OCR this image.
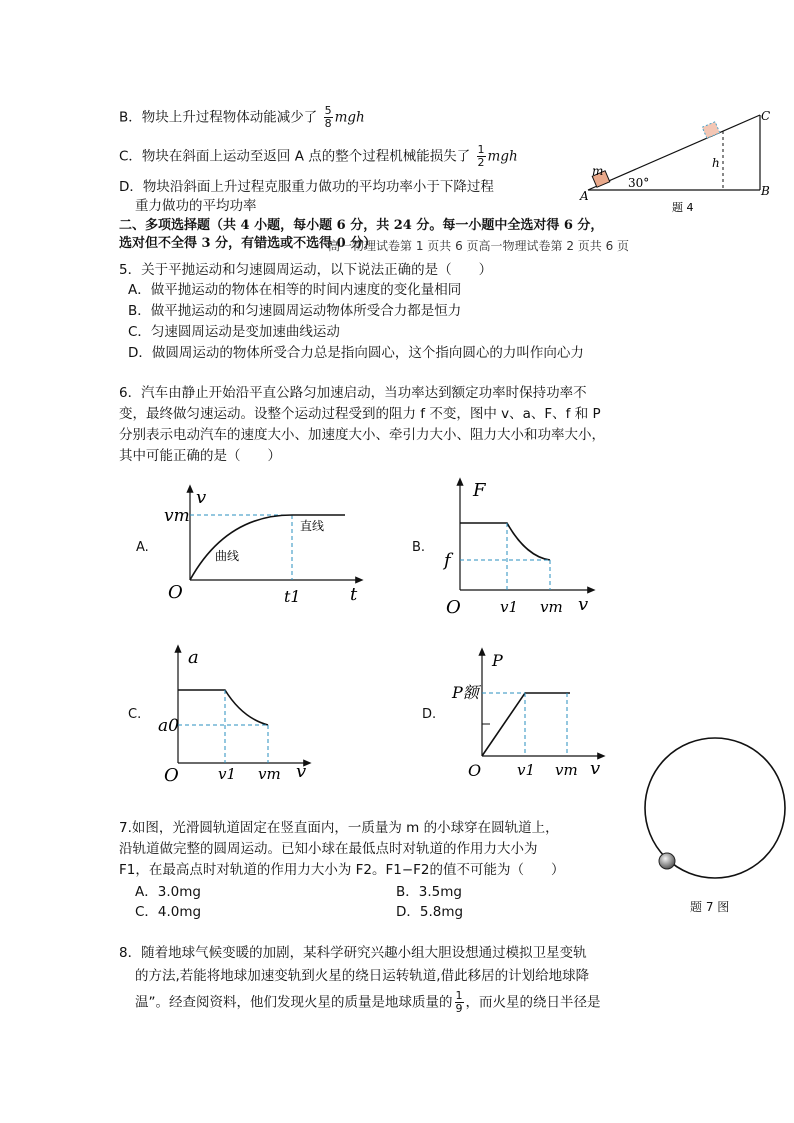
B．物块上升过程物体动能减少了 $\frac{5}{8}$ mgh
C．物块在斜面上运动至返回 A 点的整个过程机械能损失了 $\frac{1}{2}$ mgh
D．物块沿斜面上升过程克服重力做功的平均功率小于下降过程
重力做功的平均功率
A	B
C
m
h
30°
题 4
二、多项选择题（共 4 小题，每小题 6 分，共 24 分。每一小题中全选对得 6 分，
选对但不全得 3 分，有错选或不选得 0 分）
高一物理试卷第 1 页共 6 页高一物理试卷第 2 页共 6 页
5．关于平抛运动和匀速圆周运动，以下说法正确的是（　　）
A．做平抛运动的物体在相等的时间内速度的变化量相同
B．做平抛运动的和匀速圆周运动物体所受合力都是恒力
C．匀速圆周运动是变加速曲线运动
D．做圆周运动的物体所受合力总是指向圆心，这个指向圆心的力叫作向心力
6．汽车由静止开始沿平直公路匀加速启动，当功率达到额定功率时保持功率不
变，最终做匀速运动。设整个运动过程受到的阻力 f 不变，图中 v、a、F、f 和 P
分别表示电动汽车的速度大小、加速度大小、牵引力大小、阻力大小和功率大小，
其中可能正确的是（　　）
A.
v
vm
t
t1
O
曲线
直线
B.
F
f
v
v1 vm
O
C.
a
a0
v
v1 vm
O
D.
P
P额
v
v1 vm
O
题 7 图
7.如图，光滑圆轨道固定在竖直面内，一质量为 m 的小球穿在圆轨道上，
沿轨道做完整的圆周运动。已知小球在最低点时对轨道的作用力大小为
F1，在最高点时对轨道的作用力大小为 F2。F1−F2的值不可能为（　　）
A．3.0mg	B．3.5mg
C．4.0mg	D．5.8mg
8．随着地球气候变暖的加剧，某科学研究兴趣小组大胆设想通过模拟卫星变轨
的方法,若能将地球加速变轨到火星的绕日运转轨道,借此移居的计划给地球降
温”。经查阅资料，他们发现火星的质量是地球质量的 $\frac{1}{9}$ ，而火星的绕日半径是
